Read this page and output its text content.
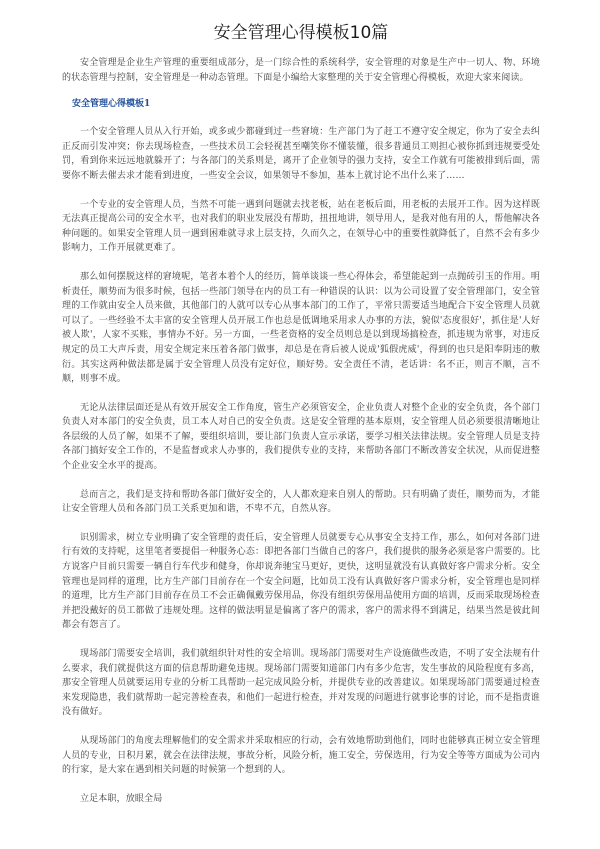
安全管理心得模板10篇

安全管理是企业生产管理的重要组成部分，是一门综合性的系统科学，安全管理的对象是生产中一切人、物、环境的状态管理与控制，安全管理是一种动态管理。下面是小编给大家整理的关于安全管理心得模板，欢迎大家来阅读。

安全管理心得模板1

一个安全管理人员从入行开始，或多或少都碰到过一些窘境：生产部门为了赶工不遵守安全规定，你为了安全去纠正反而引发冲突；你去现场检查，一些技术员工会轻视甚至嘲笑你不懂装懂，很多普通员工则担心被你抓到违规要受处罚，看到你来远远地就躲开了；与各部门的关系则是，离开了企业领导的强力支持，安全工作就有可能被排到后面，需要你不断去催去求才能看到进度，一些安全会议，如果领导不参加，基本上就讨论不出什么来了……

一个专业的安全管理人员，当然不可能一遇到问题就去找老板，站在老板后面，用老板的去展开工作。因为这样既无法真正提高公司的安全水平，也对我们的职业发展没有帮助，扭扭地讲，领导用人，是我对他有用的人，帮他解决各种问题的。如果安全管理人员一遇到困难就寻求上层支持，久而久之，在领导心中的重要性就降低了，自然不会有多少影响力，工作开展就更难了。

那么如何摆脱这样的窘境呢，笔者本着个人的经历，简单谈谈一些心得体会，希望能起到一点抛砖引玉的作用。明析责任，顺势而为很多时候，包括一些部门领导在内的员工有一种错误的认识：以为公司设置了安全管理部门，安全管理的工作就由安全人员来做，其他部门的人就可以专心从事本部门的工作了，平常只需要适当地配合下安全管理人员就可以了。一些经验不太丰富的安全管理人员开展工作也总是低调地采用求人办事的方法，貌似'态度很好'，抓住是'人好被人欺'，人家不买账，事情办不好。另一方面，一些老资格的安全员则总是以到现场搞检查，抓违规为常事，对违反规定的员工大声斥责，用安全规定来压着各部门做事，却总是在背后被人说成'狐假虎威'，得到的也只是阳奉阴违的敷衍。其实这两种做法都是属于安全管理人员没有定好位，顺好势。安全责任不清，老话讲：名不正，则言不顺，言不顺，则事不成。

无论从法律层面还是从有效开展安全工作角度，管生产必须管安全，企业负责人对整个企业的安全负责，各个部门负责人对本部门的安全负责，员工本人对自己的安全负责。这是安全管理的基本原则，安全管理人员必须要很清晰地让各层级的人员了解，如果不了解，要组织培训，要让部门负责人宣示承诺，要学习相关法律法规。安全管理人员是支持各部门搞好安全工作的，不是监督或求人办事的，我们提供专业的支持，来帮助各部门不断改善安全状况，从而促进整个企业安全水平的提高。

总而言之，我们是支持和帮助各部门做好安全的，人人都欢迎来自别人的帮助。只有明确了责任，顺势而为，才能让安全管理人员和各部门员工关系更加和谐，不卑不亢，自然从容。

识别需求，树立专业明确了安全管理的责任后，安全管理人员就要专心从事安全支持工作，那么，如何对各部门进行有效的支持呢，这里笔者要提倡一种服务心态：即把各部门当做自己的客户，我们提供的服务必须是客户需要的。比方说客户目前只需要一辆自行车代步和健身，你却说奔驰宝马更好，更快，这明显就没有认真做好客户需求分析。安全管理也是同样的道理，比方生产部门目前存在一个安全问题，比如员工没有认真做好客户需求分析，安全管理也是同样的道理，比方生产部门目前存在员工不会正确佩戴劳保用品，你没有组织劳保用品使用方面的培训，反而采取现场检查并把没戴好的员工都做了违规处理。这样的做法明显是偏离了客户的需求，客户的需求得不到满足，结果当然是彼此间都会有怨言了。

现场部门需要安全培训，我们就组织针对性的安全培训。现场部门需要对生产设施做些改造，不明了安全法规有什么要求，我们就提供这方面的信息帮助避免违规。现场部门需要知道部门内有多少危害，发生事故的风险程度有多高，那安全管理人员就要运用专业的分析工具帮助一起完成风险分析，并提供专业的改善建议。如果现场部门需要通过检查来发现隐患，我们就帮助一起完善检查表，和他们一起进行检查，并对发现的问题进行就事论事的讨论，而不是指责谁没有做好。

从现场部门的角度去理解他们的安全需求并采取相应的行动，会有效地帮助到他们，同时也能够真正树立安全管理人员的专业，日积月累，就会在法律法规，事故分析，风险分析，施工安全，劳保选用，行为安全等等方面成为公司内的行家，是大家在遇到相关问题的时候第一个想到的人。

立足本职，放眼全局
